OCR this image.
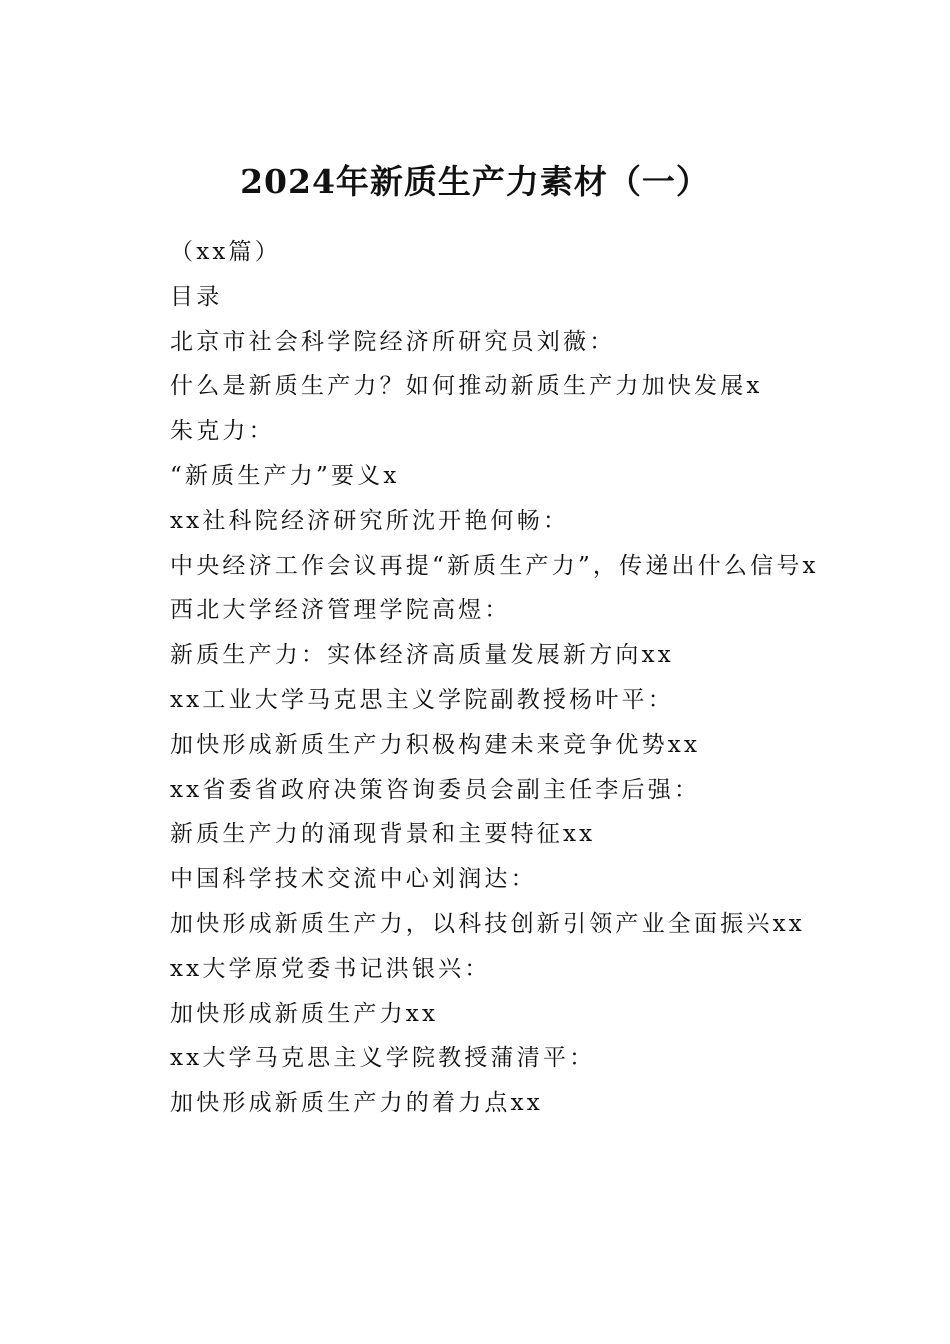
2024年新质生产力素材（一）

（xx篇）

目录

北京市社会科学院经济所研究员刘薇：

什么是新质生产力？如何推动新质生产力加快发展x

朱克力：

“新质生产力”要义x

xx社科院经济研究所沈开艳何畅：

中央经济工作会议再提“新质生产力”，传递出什么信号x

西北大学经济管理学院高煜：

新质生产力：实体经济高质量发展新方向xx

xx工业大学马克思主义学院副教授杨叶平：

加快形成新质生产力积极构建未来竞争优势xx

xx省委省政府决策咨询委员会副主任李后强：

新质生产力的涌现背景和主要特征xx

中国科学技术交流中心刘润达：

加快形成新质生产力，以科技创新引领产业全面振兴xx

xx大学原党委书记洪银兴：

加快形成新质生产力xx

xx大学马克思主义学院教授蒲清平：

加快形成新质生产力的着力点xx
